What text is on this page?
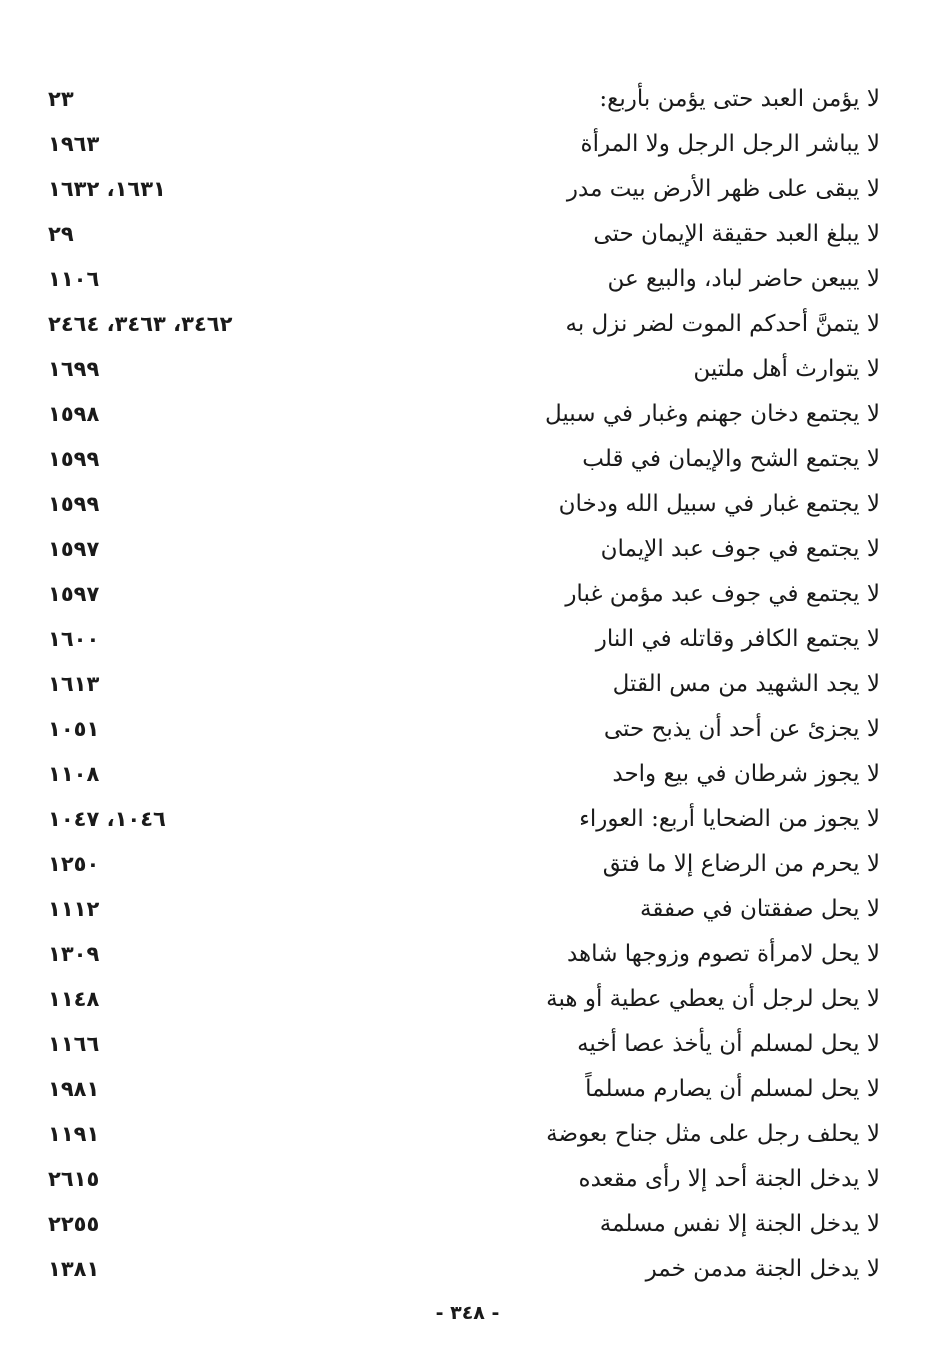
٢٣	لا يؤمن العبد حتى يؤمن بأربع:
١٩٦٣	لا يباشر الرجل الرجل ولا المرأة
١٦٣١، ١٦٣٢	لا يبقى على ظهر الأرض بيت مدر
٢٩	لا يبلغ العبد حقيقة الإيمان حتى
١١٠٦	لا يبيعن حاضر لباد، والبيع عن
٣٤٦٢، ٣٤٦٣، ٢٤٦٤	لا يتمنَّ أحدكم الموت لضر نزل به
١٦٩٩	لا يتوارث أهل ملتين
١٥٩٨	لا يجتمع دخان جهنم وغبار في سبيل
١٥٩٩	لا يجتمع الشح والإيمان في قلب
١٥٩٩	لا يجتمع غبار في سبيل الله ودخان
١٥٩٧	لا يجتمع في جوف عبد الإيمان
١٥٩٧	لا يجتمع في جوف عبد مؤمن غبار
١٦٠٠	لا يجتمع الكافر وقاتله في النار
١٦١٣	لا يجد الشهيد من مس القتل
١٠٥١	لا يجزئ عن أحد أن يذبح حتى
١١٠٨	لا يجوز شرطان في بيع واحد
١٠٤٦، ١٠٤٧	لا يجوز من الضحايا أربع: العوراء
١٢٥٠	لا يحرم من الرضاع إلا ما فتق
١١١٢	لا يحل صفقتان في صفقة
١٣٠٩	لا يحل لامرأة تصوم وزوجها شاهد
١١٤٨	لا يحل لرجل أن يعطي عطية أو هبة
١١٦٦	لا يحل لمسلم أن يأخذ عصا أخيه
١٩٨١	لا يحل لمسلم أن يصارم مسلماً
١١٩١	لا يحلف رجل على مثل جناح بعوضة
٢٦١٥	لا يدخل الجنة أحد إلا رأى مقعده
٢٢٥٥	لا يدخل الجنة إلا نفس مسلمة
١٣٨١	لا يدخل الجنة مدمن خمر
- ٣٤٨ -
